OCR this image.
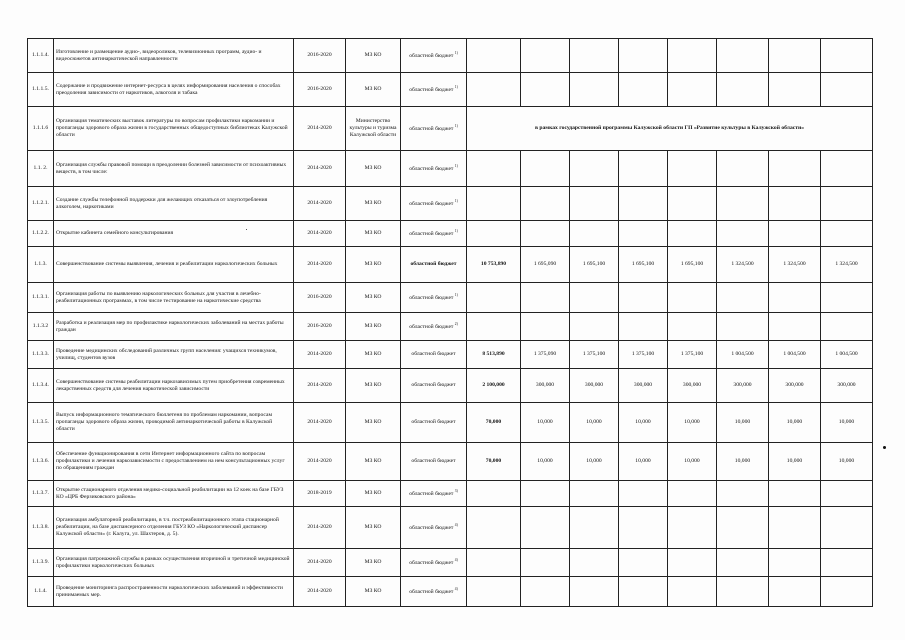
1.1.1.4.	Изготовление и размещение аудио-, видеороликов, телевизионных программ, аудио- и видеосюжетов антинаркотической направленности	2016-2020	МЗ КО	областной бюджет $^{1)}$								
1.1.1.5.	Содержание и продвижение интернет-ресурса в целях информирования населения о способах преодоления зависимости от наркотиков, алкоголя и табака	2016-2020	МЗ КО	областной бюджет $^{1)}$								
1.1.1.6	Организация тематических выставок литературы по вопросам профилактики наркомании и пропаганды здорового образа жизни в государственных общедоступных библиотеках Калужской области	2014-2020	Министерство культуры и туризма Калужской области	областной бюджет $^{1)}$	в рамках государственной программы Калужской области ГП «Развитие культуры в Калужской области»							
1.1. 2.	Организация службы правовой помощи в преодолении болезней зависимости от психоактивных веществ, в том числе:	2014-2020	МЗ КО	областной бюджет $^{1)}$								
1.1.2.1.	Создание службы телефонной поддержки для желающих отказаться от злоупотребления алкоголем, наркотиками	2014-2020	МЗ КО	областной бюджет $^{1)}$								
1.1.2.2.	Открытие кабинета семейного консультирования	2014-2020	МЗ КО	областной бюджет $^{1)}$								
1.1.3.	Совершенствование системы выявления, лечения и реабилитации наркологических больных	2014-2020	МЗ КО	областной бюджет	10 753,890	1 695,090	1 695,100	1 695,100	1 695,100	1 324,500	1 324,500	1 324,500
1.1.3.1.	Организация работы по выявлению наркологических больных для участия в лечебно-реабилитационных программах, в том числе тестирование на наркотические средства	2016-2020	МЗ КО	областной бюджет $^{1)}$								
1.1.3.2	Разработка и реализация мер по профилактике наркологических заболеваний на местах работы граждан	2016-2020	МЗ КО	областной бюджет $^{2)}$								
1.1.3.3.	Проведение медицинских обследований различных групп населения: учащихся техникумов, училищ, студентов вузов	2014-2020	МЗ КО	областной бюджет	8 513,890	1 375,090	1 375,100	1 375,100	1 375,100	1 004,500	1 004,500	1 004,500
1.1.3.4.	Совершенствование системы реабилитации наркозависимых путем приобретения современных лекарственных средств для лечения наркотической зависимости	2014-2020	МЗ КО	областной бюджет	2 100,000	300,000	300,000	300,000	300,000	300,000	300,000	300,000
1.1.3.5.	Выпуск информационного тематического бюллетеня по проблемам наркомании, вопросам пропаганды здорового образа жизни, проводимой антинаркотической работы в Калужской области	2014-2020	МЗ КО	областной бюджет	70,000	10,000	10,000	10,000	10,000	10,000	10,000	10,000
1.1.3.6.	Обеспечение функционирования в сети Интернет информационного сайта по вопросам профилактики и лечения наркозависимости с предоставлением на нем консультационных услуг по обращениям граждан	2014-2020	МЗ КО	областной бюджет	70,000	10,000	10,000	10,000	10,000	10,000	10,000	10,000
1.1.3.7.	Открытие стационарного отделения медико-социальной реабилитации на 12 коек на базе ГБУЗ КО «ЦРБ Ферзиковского района»	2018-2019	МЗ КО	областной бюджет $^{3)}$								
1.1.3.8.	Организация амбулаторной реабилитации, в т.ч. постреабилитационного этапа стационарной реабилитации, на базе диспансерного отделения ГБУЗ КО «Наркологический диспансер Калужской области» (г. Калуга, ул. Шахтеров, д. 5).	2014-2020	МЗ КО	областной бюджет $^{4)}$								
1.1.3.9.	Организация патронажной службы в рамках осуществления вторичной и третичной медицинской профилактики наркологических больных	2014-2020	МЗ КО	областной бюджет $^{4)}$								
1.1.4.	Проведение мониторинга распространенности наркологических заболеваний и эффективности принимаемых мер.	2014-2020	МЗ КО	областной бюджет $^{4)}$								
